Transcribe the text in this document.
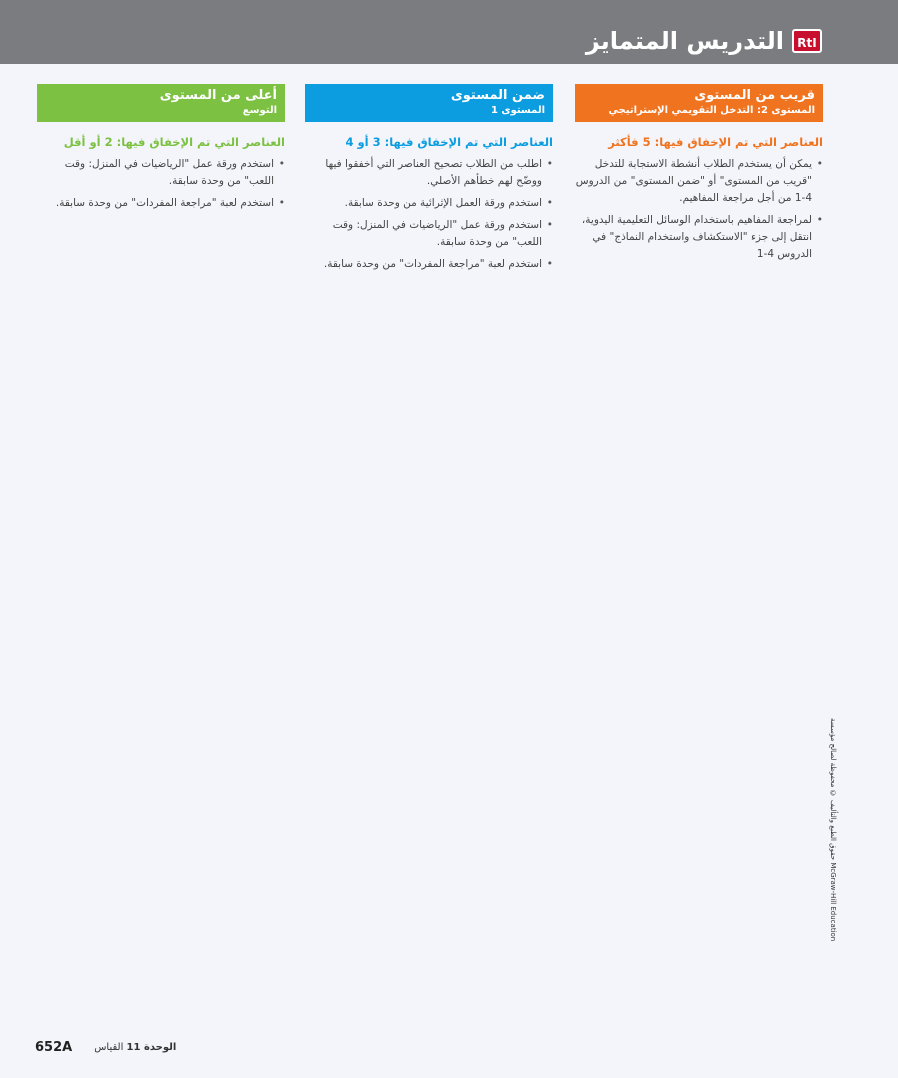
RtI
التدريس المتمايز
قريب من المستوى
المستوى 2: التدخل التقويمي الإستراتيجي
العناصر التي تم الإخفاق فيها: 5 فأكثر
•
يمكن أن يستخدم الطلاب أنشطة الاستجابة للتدخل "قريب من المستوى" أو "ضمن المستوى" من الدروس 4-1 من أجل مراجعة المفاهيم.
•
لمراجعة المفاهيم باستخدام الوسائل التعليمية اليدوية، انتقل إلى جزء "الاستكشاف واستخدام النماذج" في الدروس 4-1
ضمن المستوى
المستوى 1
العناصر التي تم الإخفاق فيها: 3 أو 4
•
اطلب من الطلاب تصحيح العناصر التي أخفقوا فيها ووضّح لهم خطأهم الأصلي.
•
استخدم ورقة العمل الإثرائية من وحدة سابقة.
•
استخدم ورقة عمل "الرياضيات في المنزل: وقت اللعب" من وحدة سابقة.
•
استخدم لعبة "مراجعة المفردات" من وحدة سابقة.
أعلى من المستوى
التوسع
العناصر التي تم الإخفاق فيها: 2 أو أقل
•
استخدم ورقة عمل "الرياضيات في المنزل: وقت اللعب" من وحدة سابقة.
•
استخدم لعبة "مراجعة المفردات" من وحدة سابقة.
حقوق الطبع والتأليف © محفوظة لصالح مؤسسة McGraw-Hill Education
652A	الوحدة 11 القياس
